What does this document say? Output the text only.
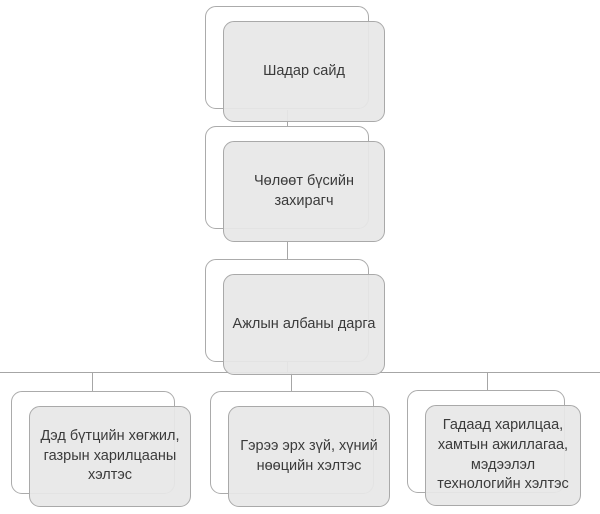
Шадар сайд
Чөлөөт бүсийн захирагч
Ажлын албаны дарга
Дэд бүтцийн хөгжил, газрын харилцааны хэлтэс
Гэрээ эрх зүй, хүний нөөцийн хэлтэс
Гадаад харилцаа, хамтын ажиллагаа, мэдээлэл технологийн хэлтэс
